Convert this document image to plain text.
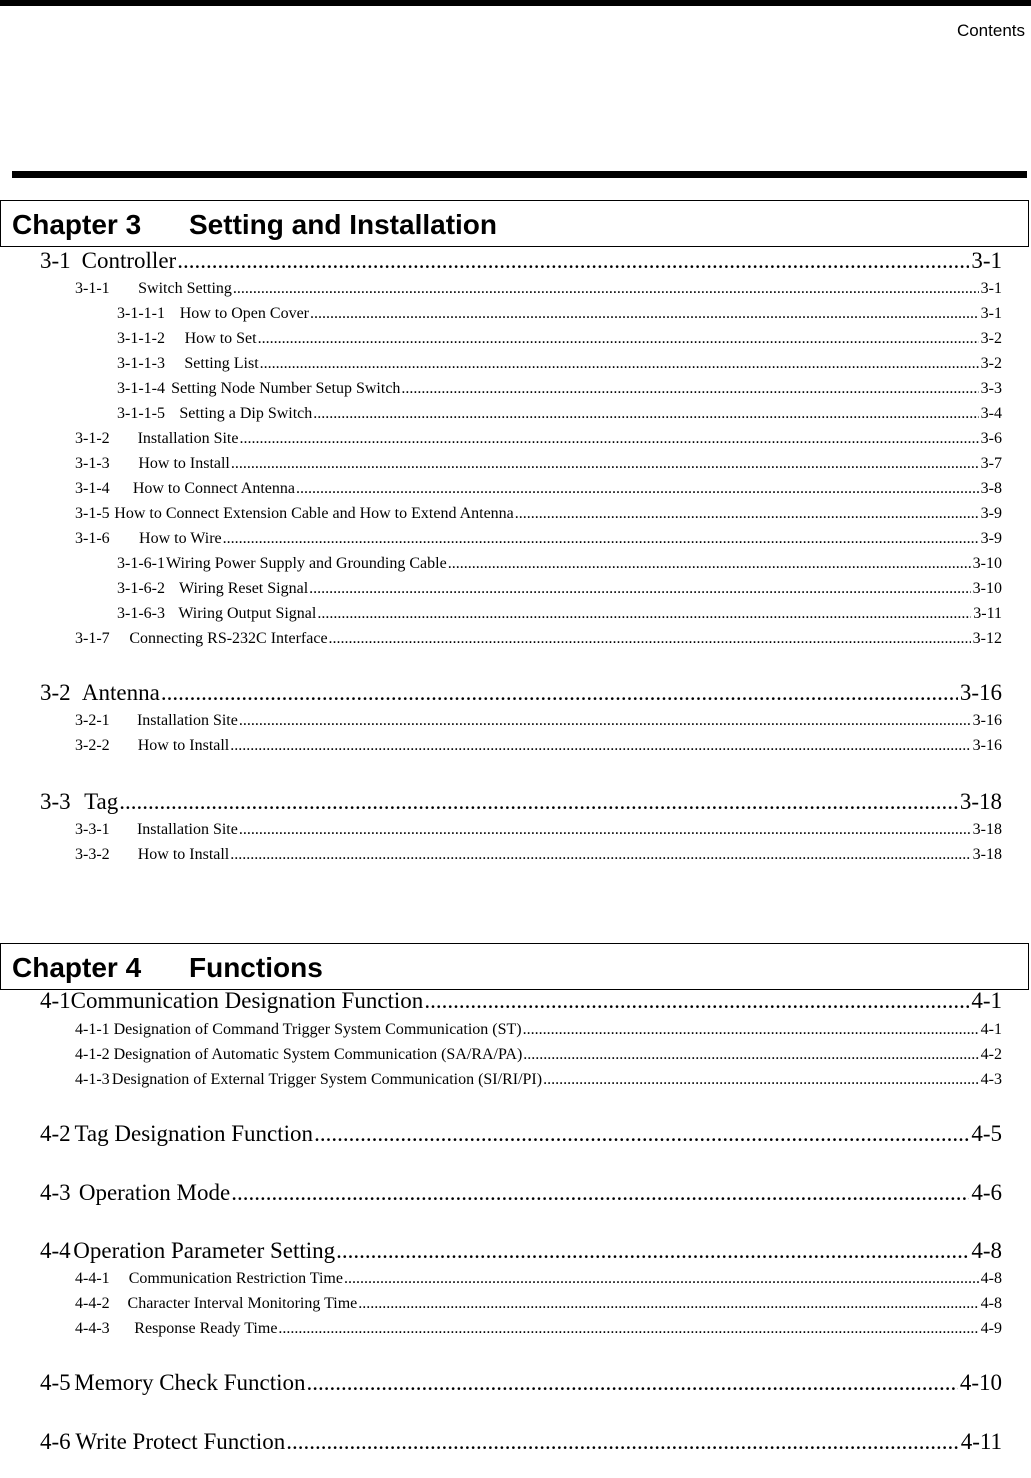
Contents
Chapter 3 Setting and Installation
Chapter 4 Functions
3-1 Controller .....	3-1
3-1-1	Switch Setting .....	3-1
3-1-1-1 How to Open Cover .....	3-1
3-1-1-2	How to Set .....	3-2
3-1-1-3	Setting List .....	3-2
3-1-1-4 Setting Node Number Setup Switch .....	3-3
3-1-1-5 Setting a Dip Switch .....	3-4
3-1-2	Installation Site .....	3-6
3-1-3	How to Install .....	3-7
3-1-4	How to Connect Antenna .....	3-8
3-1-5 How to Connect Extension Cable and How to Extend Antenna .....	3-9
3-1-6	How to Wire .....	3-9
3-1-6-1 Wiring Power Supply and Grounding Cable .....	3-10
3-1-6-2 Wiring Reset Signal .....	3-10
3-1-6-3 Wiring Output Signal .....	3-11
3-1-7	Connecting RS-232C Interface .....	3-12
3-2 Antenna .....	3-16
3-2-1	Installation Site .....	3-16
3-2-2	How to Install .....	3-16
3-3 Tag .....	3-18
3-3-1	Installation Site .....	3-18
3-3-2	How to Install .....	3-18
4-1 Communication Designation Function .....	4-1
4-1-1 Designation of Command Trigger System Communication (ST) .....	4-1
4-1-2 Designation of Automatic System Communication (SA/RA/PA) .....	4-2
4-1-3 Designation of External Trigger System Communication (SI/RI/PI) .....	4-3
4-2 Tag Designation Function .....	4-5
4-3 Operation Mode .....	4-6
4-4 Operation Parameter Setting .....	4-8
4-4-1	Communication Restriction Time .....	4-8
4-4-2	Character Interval Monitoring Time .....	4-8
4-4-3	Response Ready Time .....	4-9
4-5 Memory Check Function .....	4-10
4-6 Write Protect Function .....	4-11
